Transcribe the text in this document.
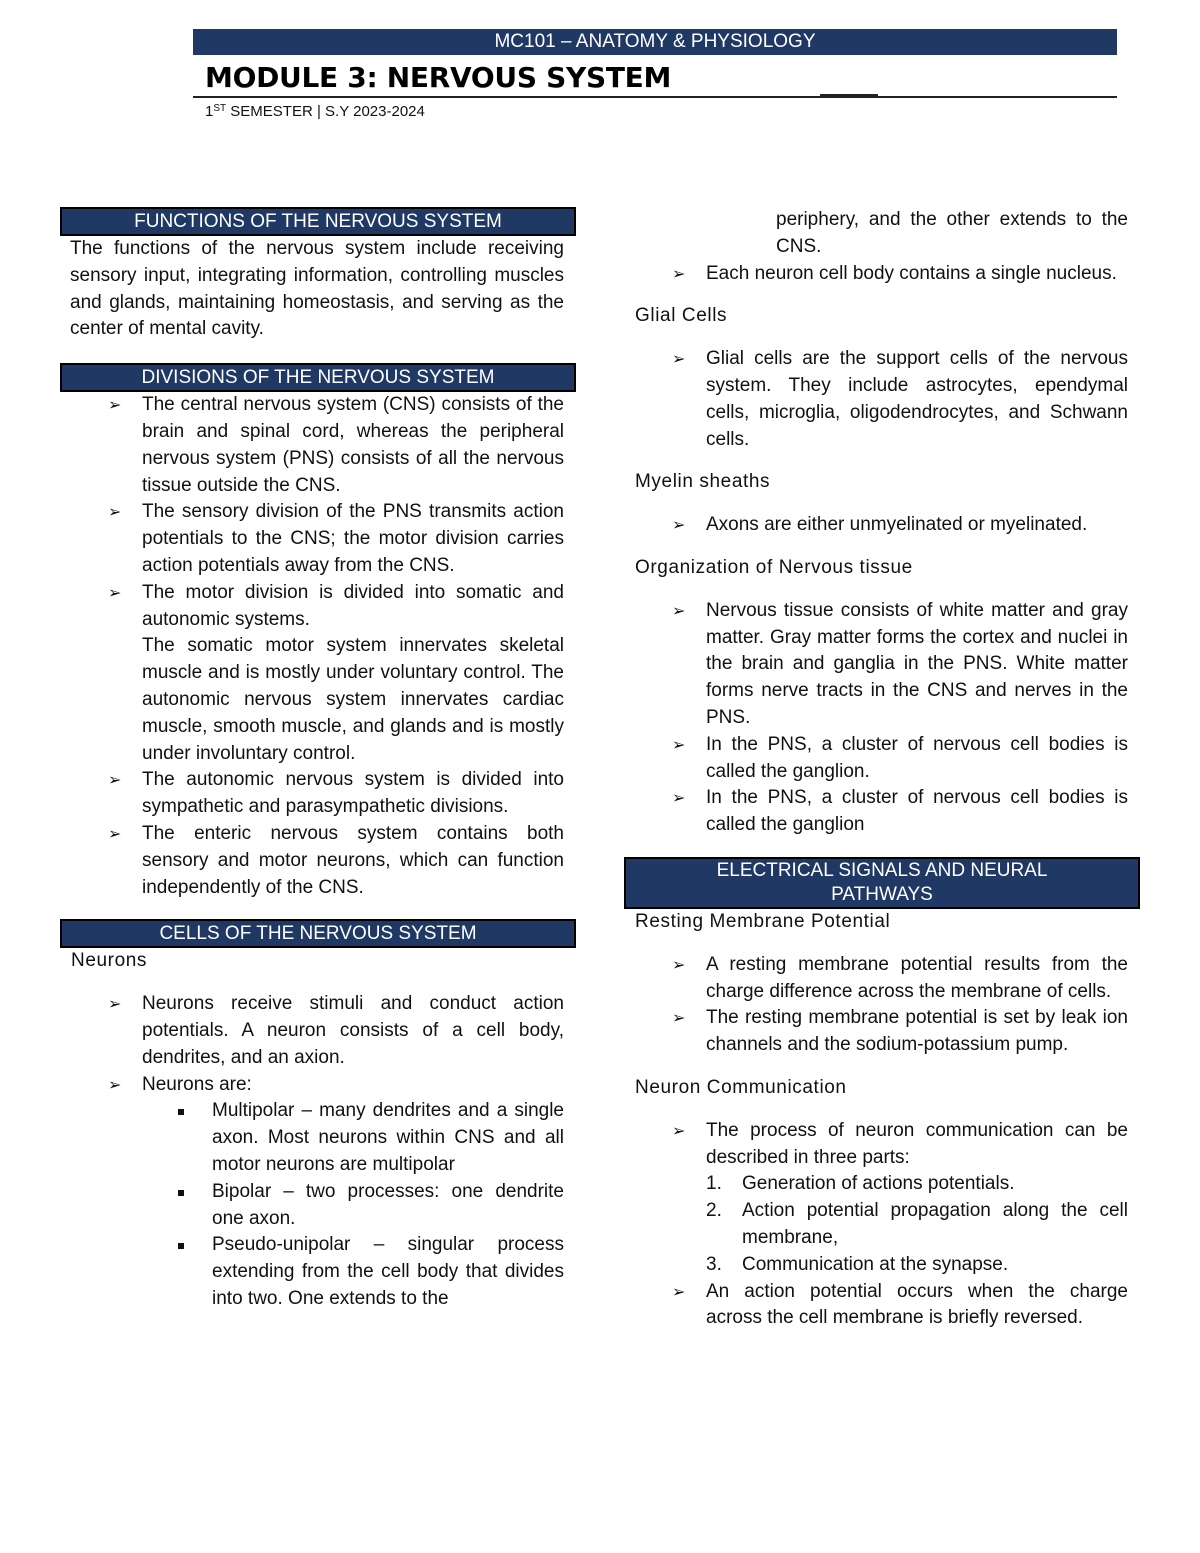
MC101 – ANATOMY & PHYSIOLOGY
MODULE 3: NERVOUS SYSTEM
1ST SEMESTER | S.Y 2023-2024
FUNCTIONS OF THE NERVOUS SYSTEM

The functions of the nervous system include receiving sensory input, integrating information, controlling muscles and glands, maintaining homeostasis, and serving as the center of mental cavity.

DIVISIONS OF THE NERVOUS SYSTEM
➢ The central nervous system (CNS) consists of the brain and spinal cord, whereas the peripheral nervous system (PNS) consists of all the nervous tissue outside the CNS.
➢ The sensory division of the PNS transmits action potentials to the CNS; the motor division carries action potentials away from the CNS.
➢ The motor division is divided into somatic and autonomic systems.
The somatic motor system innervates skeletal muscle and is mostly under voluntary control. The autonomic nervous system innervates cardiac muscle, smooth muscle, and glands and is mostly under involuntary control.
➢ The autonomic nervous system is divided into sympathetic and parasympathetic divisions.
➢ The enteric nervous system contains both sensory and motor neurons, which can function independently of the CNS.
CELLS OF THE NERVOUS SYSTEM
Neurons
➢ Neurons receive stimuli and conduct action potentials. A neuron consists of a cell body, dendrites, and an axion.
➢ Neurons are:
Multipolar – many dendrites and a single axon. Most neurons within CNS and all motor neurons are multipolar
Bipolar – two processes: one dendrite one axon.
Pseudo-unipolar – singular process extending from the cell body that divides into two. One extends to the
periphery, and the other extends to the CNS.
➢ Each neuron cell body contains a single nucleus.
Glial Cells
➢ Glial cells are the support cells of the nervous system. They include astrocytes, ependymal cells, microglia, oligodendrocytes, and Schwann cells.
Myelin sheaths
➢ Axons are either unmyelinated or myelinated.
Organization of Nervous tissue
➢ Nervous tissue consists of white matter and gray matter. Gray matter forms the cortex and nuclei in the brain and ganglia in the PNS. White matter forms nerve tracts in the CNS and nerves in the PNS.
➢ In the PNS, a cluster of nervous cell bodies is called the ganglion.
➢ In the PNS, a cluster of nervous cell bodies is called the ganglion
ELECTRICAL SIGNALS AND NEURAL
PATHWAYS
Resting Membrane Potential
➢ A resting membrane potential results from the charge difference across the membrane of cells.
➢ The resting membrane potential is set by leak ion channels and the sodium-potassium pump.
Neuron Communication
➢ The process of neuron communication can be described in three parts:
1. Generation of actions potentials.
2. Action potential propagation along the cell membrane,
3. Communication at the synapse.
➢ An action potential occurs when the charge across the cell membrane is briefly reversed.
